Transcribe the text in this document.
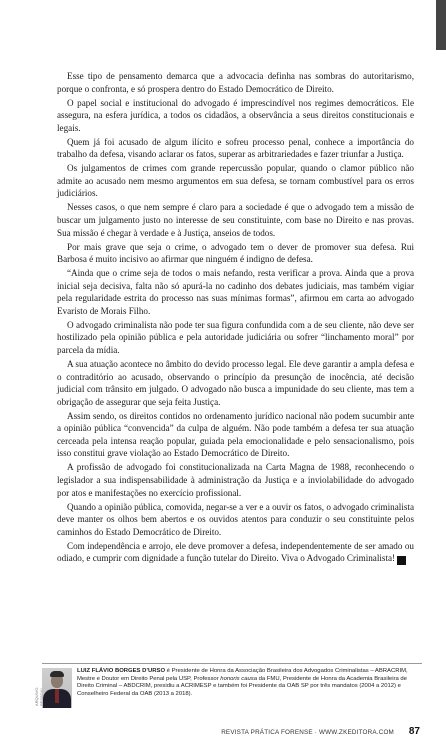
Esse tipo de pensamento demarca que a advocacia definha nas sombras do autoritarismo, porque o confronta, e só prospera dentro do Estado Democrático de Direito.

O papel social e institucional do advogado é imprescindível nos regimes democráticos. Ele assegura, na esfera jurídica, a todos os cidadãos, a observância a seus direitos constitucionais e legais.

Quem já foi acusado de algum ilícito e sofreu processo penal, conhece a importância do trabalho da defesa, visando aclarar os fatos, superar as arbitrariedades e fazer triunfar a Justiça.

Os julgamentos de crimes com grande repercussão popular, quando o clamor público não admite ao acusado nem mesmo argumentos em sua defesa, se tornam combustível para os erros judiciários.

Nesses casos, o que nem sempre é claro para a sociedade é que o advogado tem a missão de buscar um julgamento justo no interesse de seu constituinte, com base no Direito e nas provas. Sua missão é chegar à verdade e à Justiça, anseios de todos.

Por mais grave que seja o crime, o advogado tem o dever de promover sua defesa. Rui Barbosa é muito incisivo ao afirmar que ninguém é indigno de defesa.

“Ainda que o crime seja de todos o mais nefando, resta verificar a prova. Ainda que a prova inicial seja decisiva, falta não só apurá-la no cadinho dos debates judiciais, mas também vigiar pela regularidade estrita do processo nas suas mínimas formas”, afirmou em carta ao advogado Evaristo de Morais Filho.

O advogado criminalista não pode ter sua figura confundida com a de seu cliente, não deve ser hostilizado pela opinião pública e pela autoridade judiciária ou sofrer “linchamento moral” por parcela da mídia.

A sua atuação acontece no âmbito do devido processo legal. Ele deve garantir a ampla defesa e o contraditório ao acusado, observando o princípio da presunção de inocência, até decisão judicial com trânsito em julgado. O advogado não busca a impunidade do seu cliente, mas tem a obrigação de assegurar que seja feita Justiça.

Assim sendo, os direitos contidos no ordenamento jurídico nacional não podem sucumbir ante a opinião pública “convencida” da culpa de alguém. Não pode também a defesa ter sua atuação cerceada pela intensa reação popular, guiada pela emocionalidade e pelo sensacionalismo, pois isso constitui grave violação ao Estado Democrático de Direito.

A profissão de advogado foi constitucionalizada na Carta Magna de 1988, reconhecendo o legislador a sua indispensabilidade à administração da Justiça e a inviolabilidade do advogado por atos e manifestações no exercício profissional.

Quando a opinião pública, comovida, negar-se a ver e a ouvir os fatos, o advogado criminalista deve manter os olhos bem abertos e os ouvidos atentos para conduzir o seu constituinte pelos caminhos do Estado Democrático de Direito.

Com independência e arrojo, ele deve promover a defesa, independentemente de ser amado ou odiado, e cumprir com dignidade a função tutelar do Direito. Viva o Advogado Criminalista! F

ARQUIVO

LUIZ FLÁVIO BORGES D’URSO é Presidente de Honra da Associação Brasileira dos Advogados Criminalistas – ABRACRIM, Mestre e Doutor em Direito Penal pela USP, Professor honoris causa da FMU, Presidente de Honra da Academia Brasileira de Direito Criminal – ABDCRIM, presidiu a ACRIMESP e também foi Presidente da OAB SP por três mandatos (2004 a 2012) e Conselheiro Federal da OAB (2013 a 2018).

REVISTA PRÁTICA FORENSE · WWW.ZKEDITORA.COM 87
